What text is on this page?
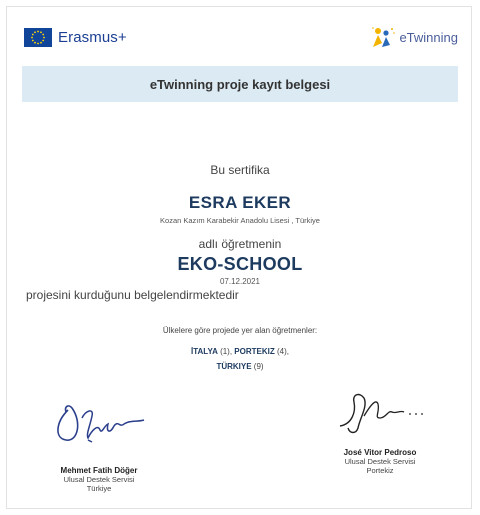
Erasmus+	eTwinning
eTwinning proje kayıt belgesi
Bu sertifika
ESRA EKER
Kozan Kazım Karabekir Anadolu Lisesi , Türkiye
adlı öğretmenin
EKO-SCHOOL
07.12.2021
projesini kurduğunu belgelendirmektedir
Ülkelere göre projede yer alan öğretmenler:
İTALYA (1), PORTEKIZ (4),
TÜRKIYE (9)
Mehmet Fatih Döğer
Ulusal Destek Servisi
Türkiye
José Vitor Pedroso
Ulusal Destek Servisi
Portekiz
